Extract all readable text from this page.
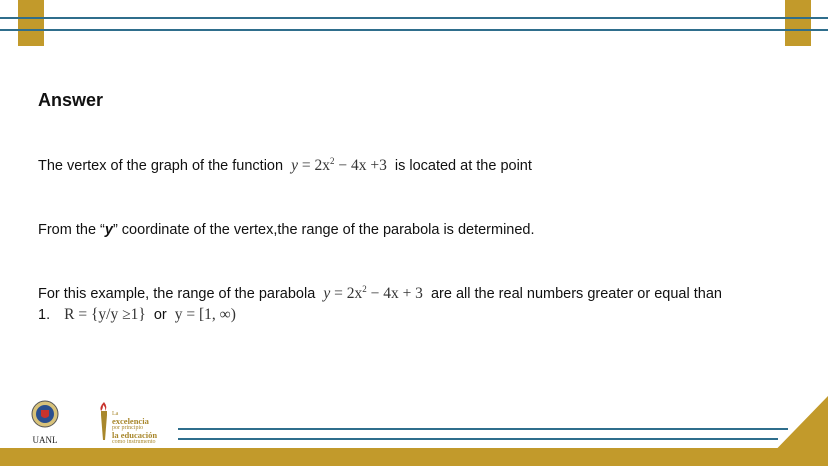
Answer
The vertex of the graph of the function $y = 2x^2 - 4x +3$ is located at the point
From the “y” coordinate of the vertex,the range of the parabola is determined.
For this example, the range of the parabola $y = 2x^2 - 4x + 3$ are all the real numbers greater or equal than
1. R = {y/y ≥1} or y = [1, ∞)
UANL
La
excelencia
por principio
la educación
como instrumento
